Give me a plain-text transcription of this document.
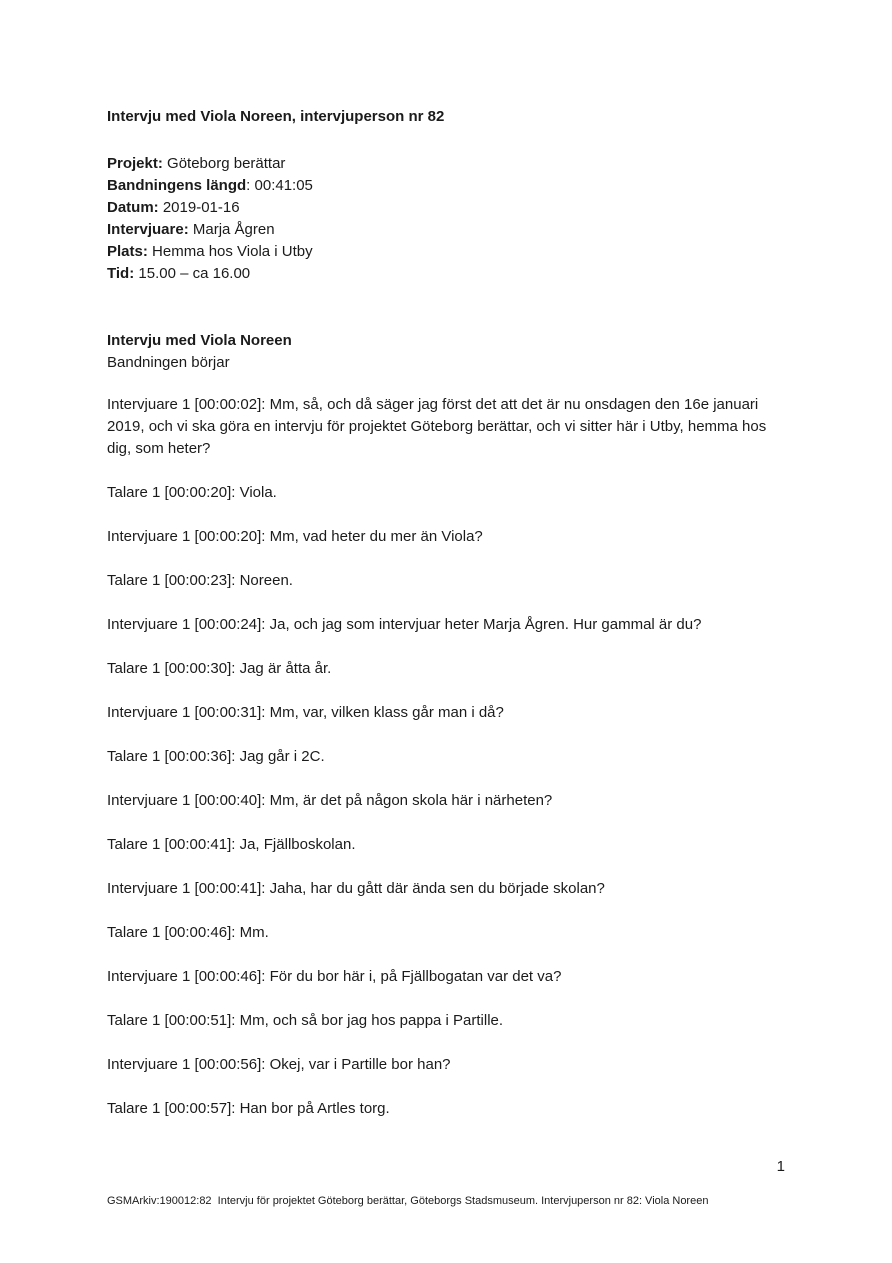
Intervju med Viola Noreen, intervjuperson nr 82
Projekt: Göteborg berättar
Bandningens längd: 00:41:05
Datum: 2019-01-16
Intervjuare: Marja Ågren
Plats: Hemma hos Viola i Utby
Tid: 15.00 – ca 16.00
Intervju med Viola Noreen
Bandningen börjar

Intervjuare 1 [00:00:02]: Mm, så, och då säger jag först det att det är nu onsdagen den 16e januari 2019, och vi ska göra en intervju för projektet Göteborg berättar, och vi sitter här i Utby, hemma hos dig, som heter?

Talare 1 [00:00:20]: Viola.

Intervjuare 1 [00:00:20]: Mm, vad heter du mer än Viola?

Talare 1 [00:00:23]: Noreen.

Intervjuare 1 [00:00:24]: Ja, och jag som intervjuar heter Marja Ågren. Hur gammal är du?

Talare 1 [00:00:30]: Jag är åtta år.

Intervjuare 1 [00:00:31]: Mm, var, vilken klass går man i då?

Talare 1 [00:00:36]: Jag går i 2C.

Intervjuare 1 [00:00:40]: Mm, är det på någon skola här i närheten?

Talare 1 [00:00:41]: Ja, Fjällboskolan.

Intervjuare 1 [00:00:41]: Jaha, har du gått där ända sen du började skolan?

Talare 1 [00:00:46]: Mm.

Intervjuare 1 [00:00:46]: För du bor här i, på Fjällbogatan var det va?

Talare 1 [00:00:51]: Mm, och så bor jag hos pappa i Partille.

Intervjuare 1 [00:00:56]: Okej, var i Partille bor han?

Talare 1 [00:00:57]: Han bor på Artles torg.

1
GSMArkiv:190012:82  Intervju för projektet Göteborg berättar, Göteborgs Stadsmuseum. Intervjuperson nr 82: Viola Noreen
